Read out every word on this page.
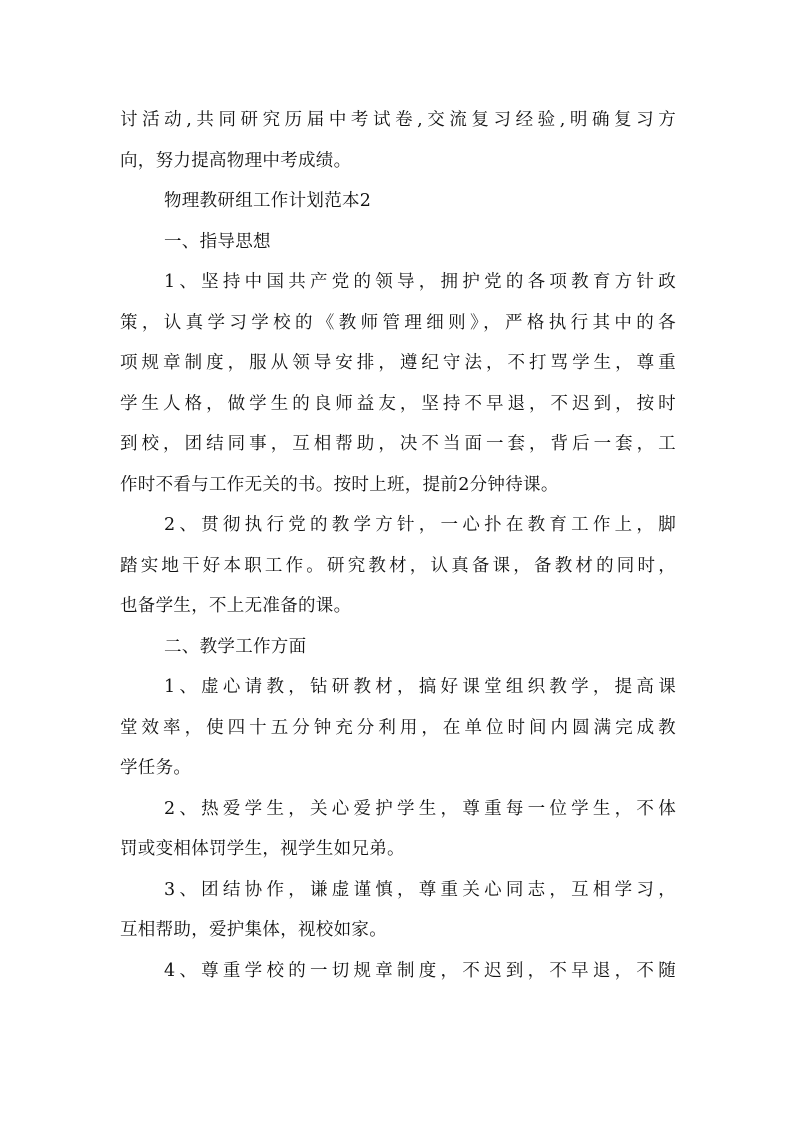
讨活动,共同研究历届中考试卷,交流复习经验,明确复习方
向，努力提高物理中考成绩。
物理教研组工作计划范本2
一、指导思想
1、坚持中国共产党的领导，拥护党的各项教育方针政
策，认真学习学校的《教师管理细则》，严格执行其中的各
项规章制度，服从领导安排，遵纪守法，不打骂学生，尊重
学生人格，做学生的良师益友，坚持不早退，不迟到，按时
到校，团结同事，互相帮助，决不当面一套，背后一套，工
作时不看与工作无关的书。按时上班，提前2分钟待课。
2、贯彻执行党的教学方针，一心扑在教育工作上，脚
踏实地干好本职工作。研究教材，认真备课，备教材的同时，
也备学生，不上无准备的课。
二、教学工作方面
1、虚心请教，钻研教材，搞好课堂组织教学，提高课
堂效率，使四十五分钟充分利用，在单位时间内圆满完成教
学任务。
2、热爱学生，关心爱护学生，尊重每一位学生，不体
罚或变相体罚学生，视学生如兄弟。
3、团结协作，谦虚谨慎，尊重关心同志，互相学习，
互相帮助，爱护集体，视校如家。
4、尊重学校的一切规章制度，不迟到，不早退，不随
